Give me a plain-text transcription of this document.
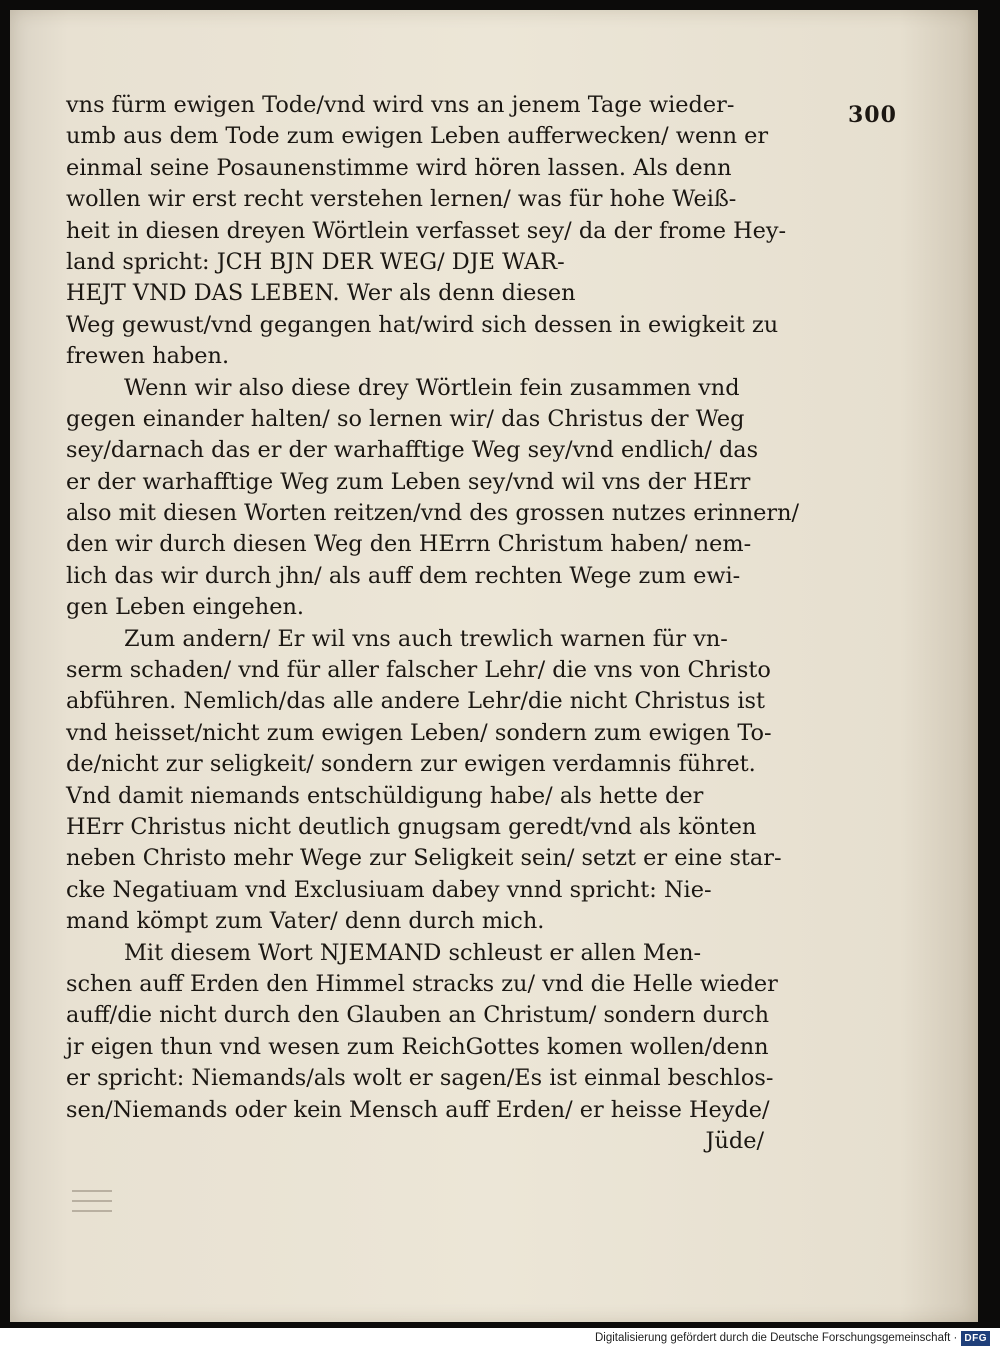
300
vns fürm ewigen Tode/vnd wird vns an jenem Tage wieder-
umb aus dem Tode zum ewigen Leben aufferwecken/ wenn er
einmal seine Posaunenstimme wird hören lassen. Als denn
wollen wir erst recht verstehen lernen/ was für hohe Weiß-
heit in diesen dreyen Wörtlein verfasset sey/ da der frome Hey-
land spricht: JCH BJN DER WEG/ DJE WAR-
HEJT VND DAS LEBEN. Wer als denn diesen
Weg gewust/vnd gegangen hat/wird sich dessen in ewigkeit zu
frewen haben.
Wenn wir also diese drey Wörtlein fein zusammen vnd
gegen einander halten/ so lernen wir/ das Christus der Weg
sey/darnach das er der warhafftige Weg sey/vnd endlich/ das
er der warhafftige Weg zum Leben sey/vnd wil vns der HErr
also mit diesen Worten reitzen/vnd des grossen nutzes erinnern/
den wir durch diesen Weg den HErrn Christum haben/ nem-
lich das wir durch jhn/ als auff dem rechten Wege zum ewi-
gen Leben eingehen.
Zum andern/ Er wil vns auch trewlich warnen für vn-
serm schaden/ vnd für aller falscher Lehr/ die vns von Christo
abführen. Nemlich/das alle andere Lehr/die nicht Christus ist
vnd heisset/nicht zum ewigen Leben/ sondern zum ewigen To-
de/nicht zur seligkeit/ sondern zur ewigen verdamnis führet.
Vnd damit niemands entschüldigung habe/ als hette der
HErr Christus nicht deutlich gnugsam geredt/vnd als könten
neben Christo mehr Wege zur Seligkeit sein/ setzt er eine star-
cke Negatiuam vnd Exclusiuam dabey vnnd spricht: Nie-
mand kömpt zum Vater/ denn durch mich.
Mit diesem Wort NJEMAND schleust er allen Men-
schen auff Erden den Himmel stracks zu/ vnd die Helle wieder
auff/die nicht durch den Glauben an Christum/ sondern durch
jr eigen thun vnd wesen zum ReichGottes komen wollen/denn
er spricht: Niemands/als wolt er sagen/Es ist einmal beschlos-
sen/Niemands oder kein Mensch auff Erden/ er heisse Heyde/
Jüde/
Digitalisierung gefördert durch die Deutsche Forschungsgemeinschaft · DFG
